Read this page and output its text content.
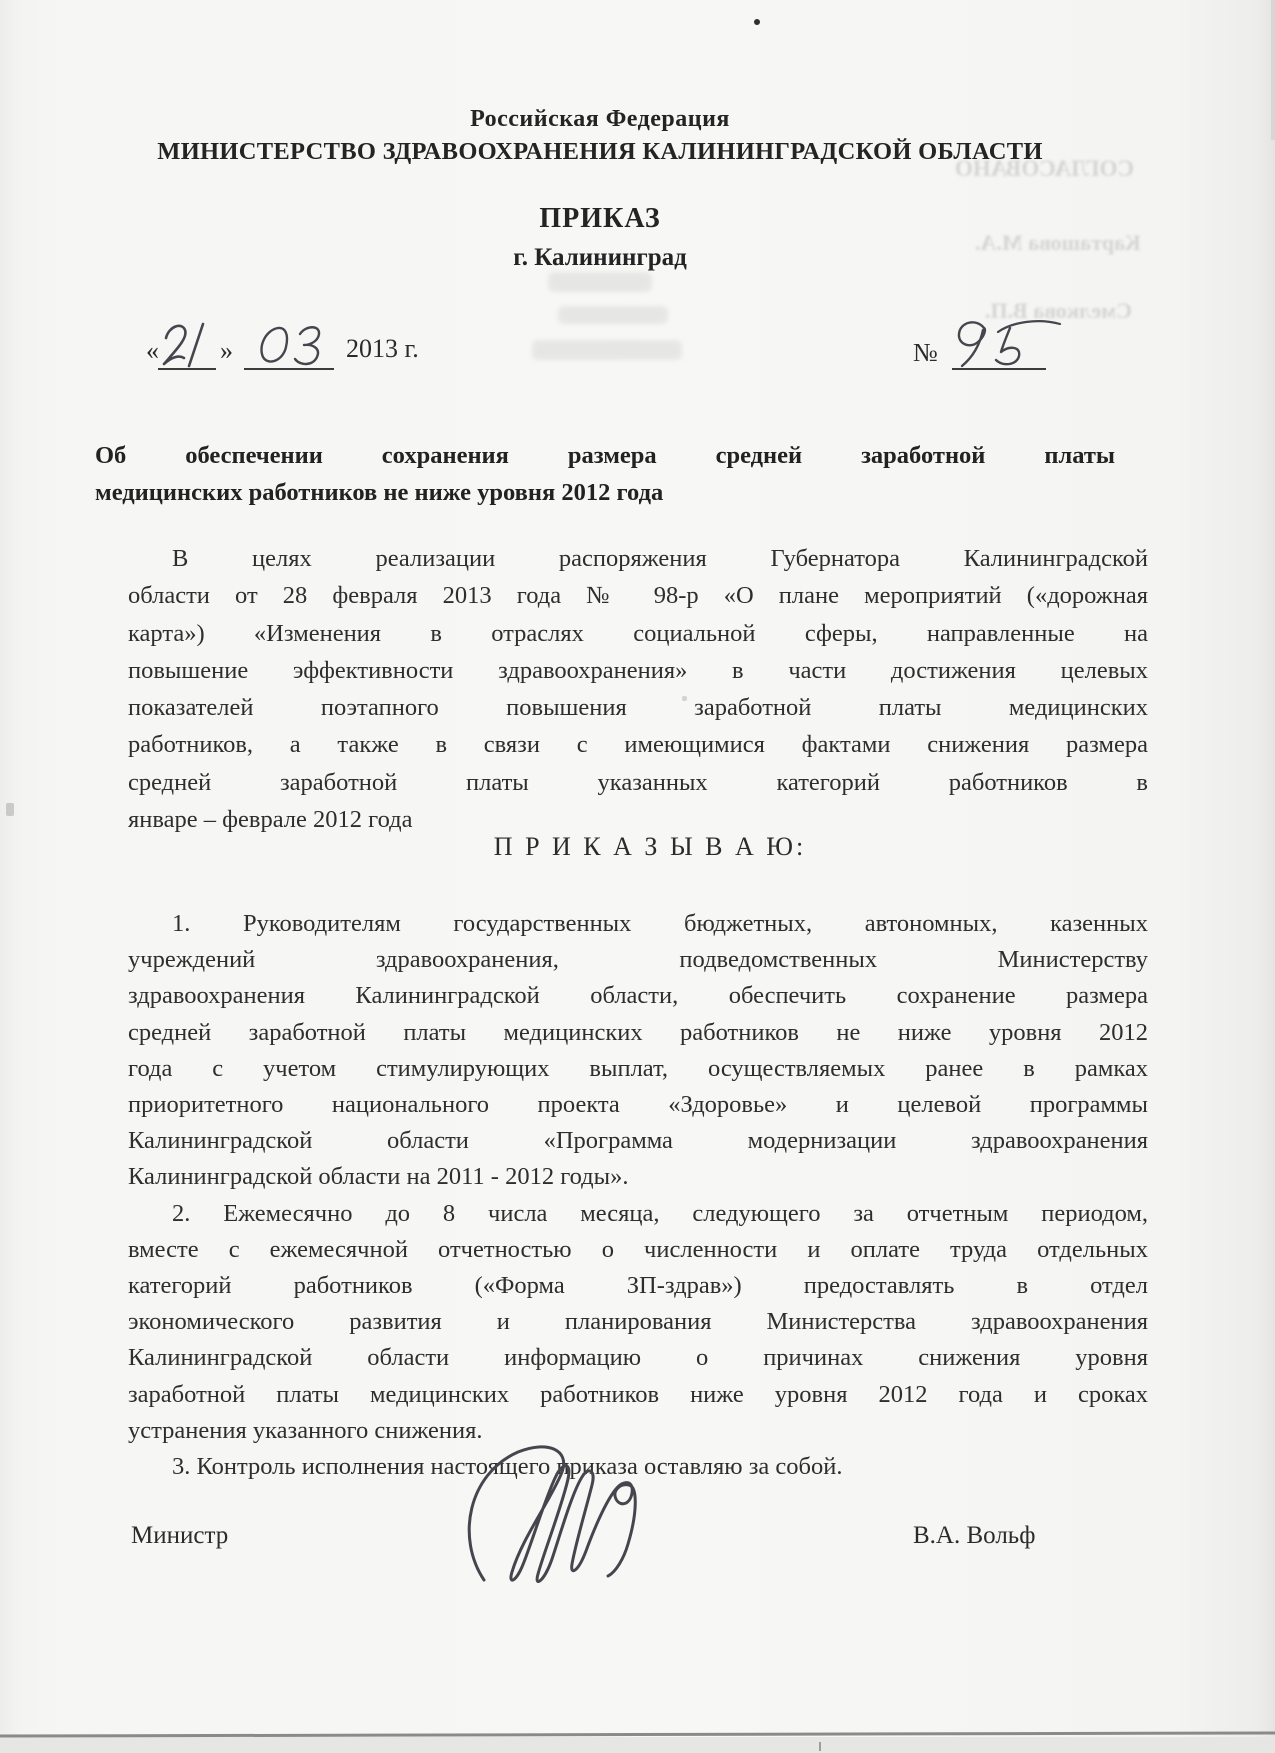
СОГЛАСОВАНО
Карташова М.А.
Смелкова В.П.
Российская Федерация
МИНИСТЕРСТВО ЗДРАВООХРАНЕНИЯ КАЛИНИНГРАДСКОЙ ОБЛАСТИ
ПРИКАЗ
г. Калининград
« »	2013 г.	№
Об обеспечении сохранения размера средней заработной платы
медицинских работников не ниже уровня 2012 года
В целях реализации распоряжения Губернатора Калининградской
области от 28 февраля 2013 года № 98-р «О плане мероприятий («дорожная
карта») «Изменения в отраслях социальной сферы, направленные на
повышение эффективности здравоохранения» в части достижения целевых
показателей поэтапного повышения заработной платы медицинских
работников, а также в связи с имеющимися фактами снижения размера
средней заработной платы указанных категорий работников в
январе – феврале 2012 года
П Р И К А З Ы В А Ю:
1. Руководителям государственных бюджетных, автономных, казенных
учреждений здравоохранения, подведомственных Министерству
здравоохранения Калининградской области, обеспечить сохранение размера
средней заработной платы медицинских работников не ниже уровня 2012
года с учетом стимулирующих выплат, осуществляемых ранее в рамках
приоритетного национального проекта «Здоровье» и целевой программы
Калининградской области «Программа модернизации здравоохранения
Калининградской области на 2011 - 2012 годы».
2. Ежемесячно до 8 числа месяца, следующего за отчетным периодом,
вместе с ежемесячной отчетностью о численности и оплате труда отдельных
категорий работников («Форма ЗП-здрав») предоставлять в отдел
экономического развития и планирования Министерства здравоохранения
Калининградской области информацию о причинах снижения уровня
заработной платы медицинских работников ниже уровня 2012 года и сроках
устранения указанного снижения.
3. Контроль исполнения настоящего приказа оставляю за собой.
Министр	В.А. Вольф
